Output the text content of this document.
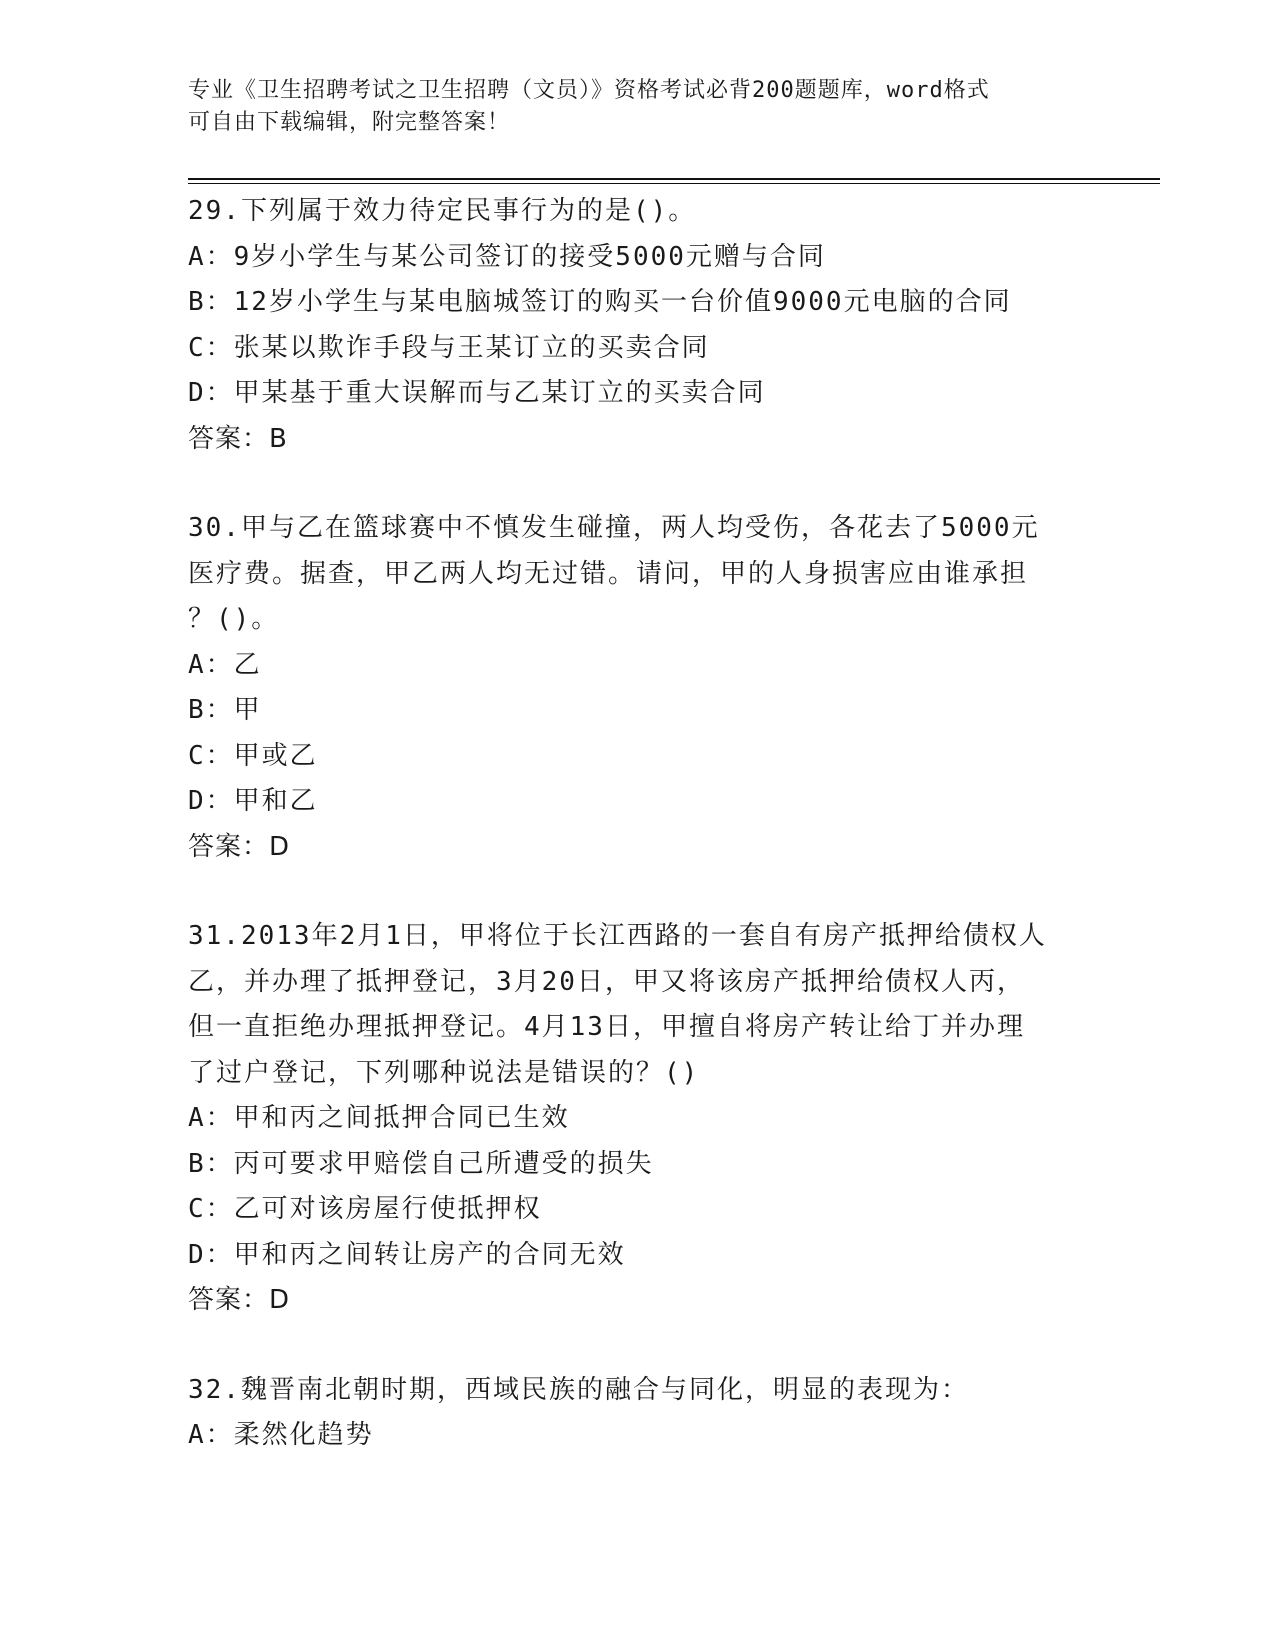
专业《卫生招聘考试之卫生招聘（文员）》资格考试必背200题题库，word格式
可自由下载编辑，附完整答案！
29.下列属于效力待定民事行为的是()。
A：9岁小学生与某公司签订的接受5000元赠与合同
B：12岁小学生与某电脑城签订的购买一台价值9000元电脑的合同
C：张某以欺诈手段与王某订立的买卖合同
D：甲某基于重大误解而与乙某订立的买卖合同
答案：B
30.甲与乙在篮球赛中不慎发生碰撞，两人均受伤，各花去了5000元
医疗费。据查，甲乙两人均无过错。请问，甲的人身损害应由谁承担
？()。
A：乙
B：甲
C：甲或乙
D：甲和乙
答案：D
31.2013年2月1日，甲将位于长江西路的一套自有房产抵押给债权人
乙，并办理了抵押登记，3月20日，甲又将该房产抵押给债权人丙，
但一直拒绝办理抵押登记。4月13日，甲擅自将房产转让给丁并办理
了过户登记，下列哪种说法是错误的？()
A：甲和丙之间抵押合同已生效
B：丙可要求甲赔偿自己所遭受的损失
C：乙可对该房屋行使抵押权
D：甲和丙之间转让房产的合同无效
答案：D
32.魏晋南北朝时期，西域民族的融合与同化，明显的表现为：
A：柔然化趋势
